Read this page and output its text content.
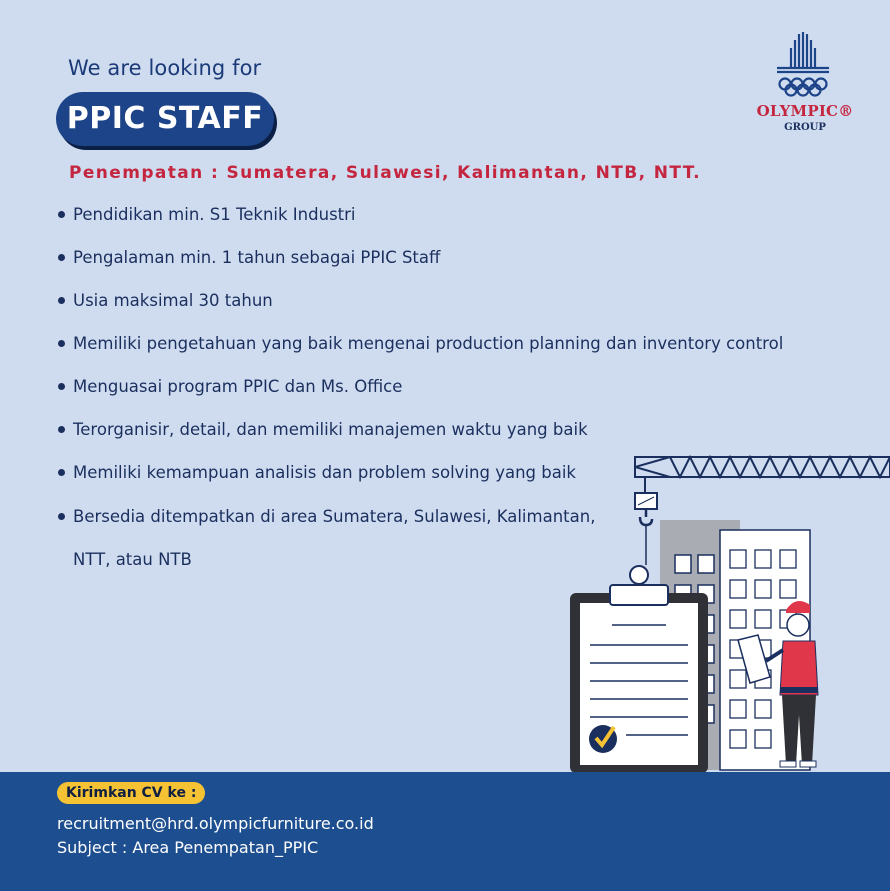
We are looking for
PPIC STAFF
Penempatan : Sumatera, Sulawesi, Kalimantan, NTB, NTT.
OLYMPIC®
GROUP
Pendidikan min. S1 Teknik Industri
Pengalaman min. 1 tahun sebagai PPIC Staff
Usia maksimal 30 tahun
Memiliki pengetahuan yang baik mengenai production planning dan inventory control
Menguasai program PPIC dan Ms. Office
Terorganisir, detail, dan memiliki manajemen waktu yang baik
Memiliki kemampuan analisis dan problem solving yang baik
Bersedia ditempatkan di area Sumatera, Sulawesi, Kalimantan, NTT, atau NTB
Kirimkan CV ke :
recruitment@hrd.olympicfurniture.co.id
Subject : Area Penempatan_PPIC
